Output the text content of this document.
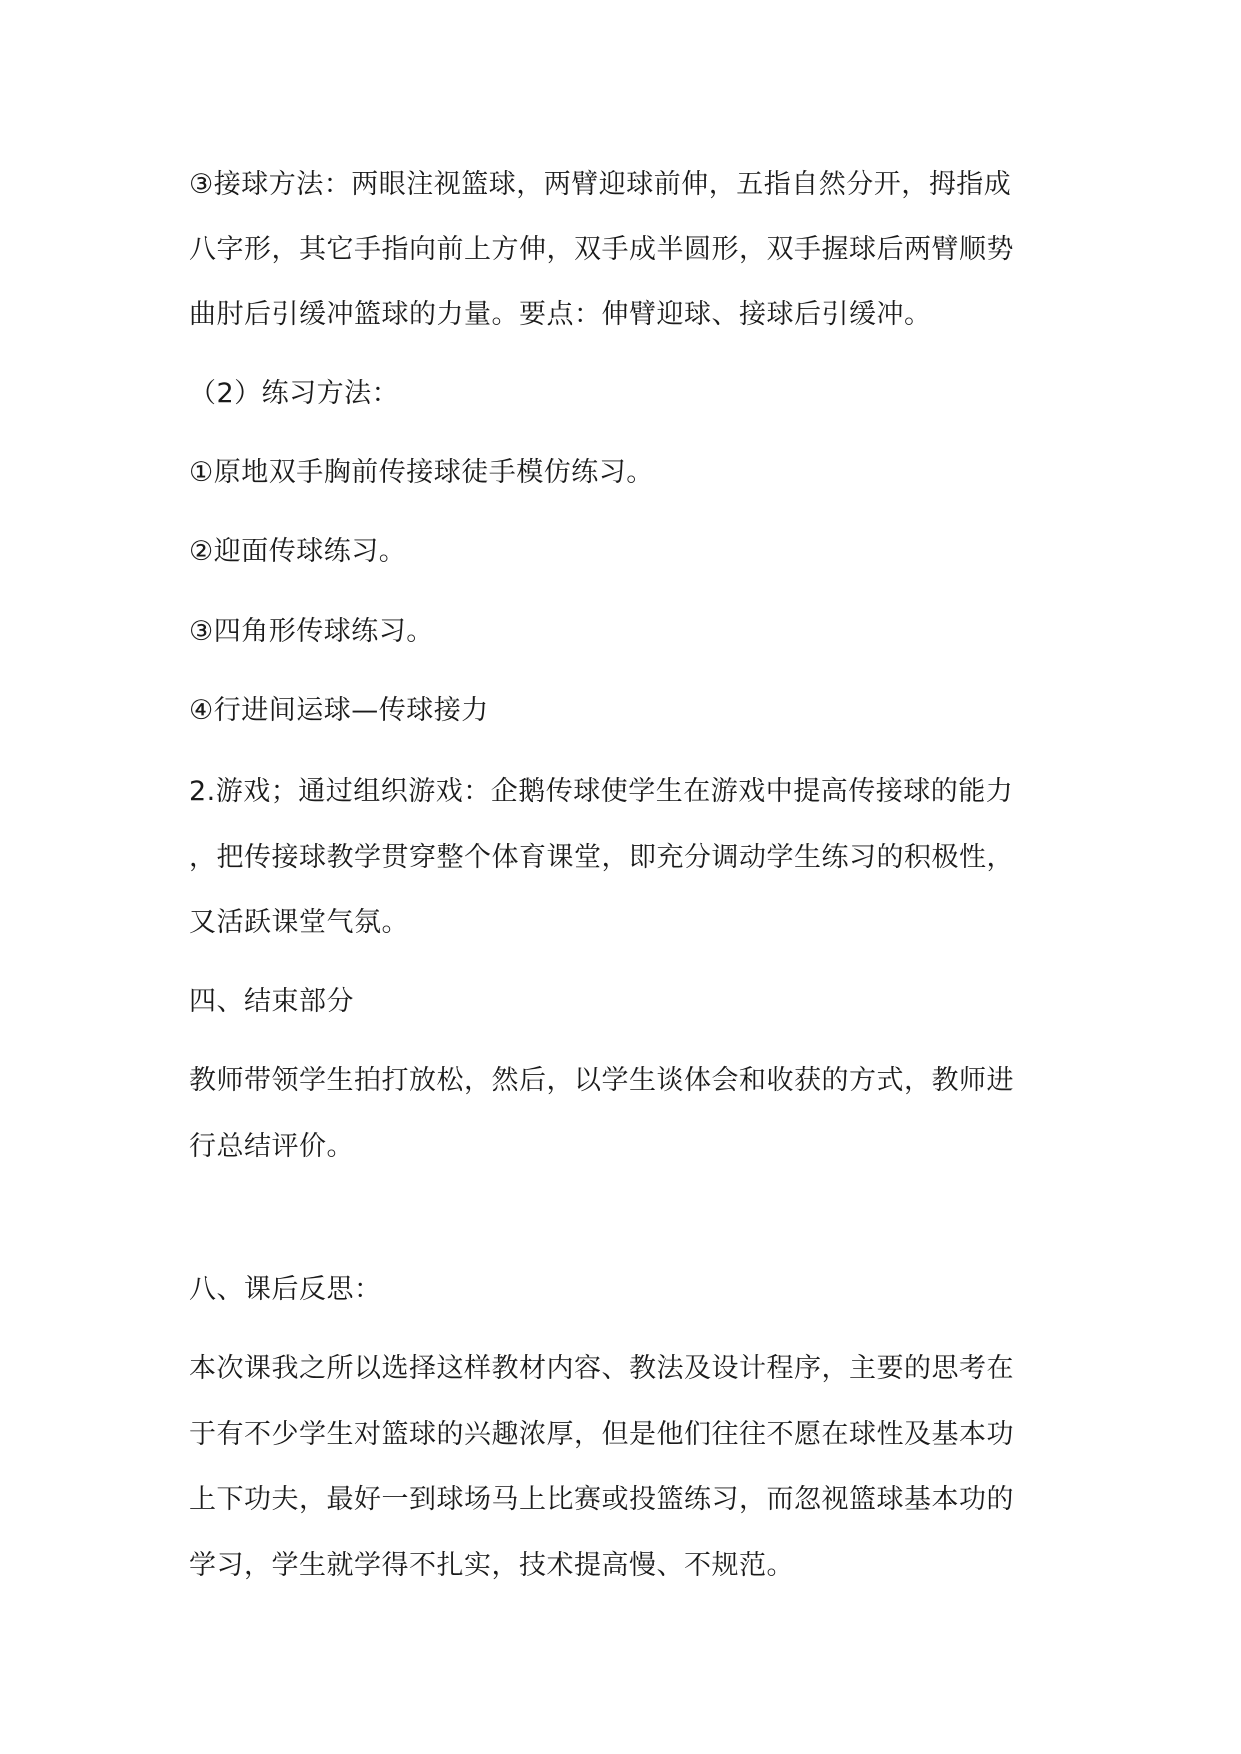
③接球方法：两眼注视篮球，两臂迎球前伸，五指自然分开，拇指成
八字形，其它手指向前上方伸，双手成半圆形，双手握球后两臂顺势
曲肘后引缓冲篮球的力量。要点：伸臂迎球、接球后引缓冲。
（2）练习方法：
①原地双手胸前传接球徒手模仿练习。
②迎面传球练习。
③四角形传球练习。
④行进间运球—传球接力
2.游戏；通过组织游戏：企鹅传球使学生在游戏中提高传接球的能力
，把传接球教学贯穿整个体育课堂，即充分调动学生练习的积极性，
又活跃课堂气氛。
四、结束部分
教师带领学生拍打放松，然后，以学生谈体会和收获的方式，教师进
行总结评价。
八、课后反思：
本次课我之所以选择这样教材内容、教法及设计程序，主要的思考在
于有不少学生对篮球的兴趣浓厚，但是他们往往不愿在球性及基本功
上下功夫，最好一到球场马上比赛或投篮练习，而忽视篮球基本功的
学习，学生就学得不扎实，技术提高慢、不规范。
